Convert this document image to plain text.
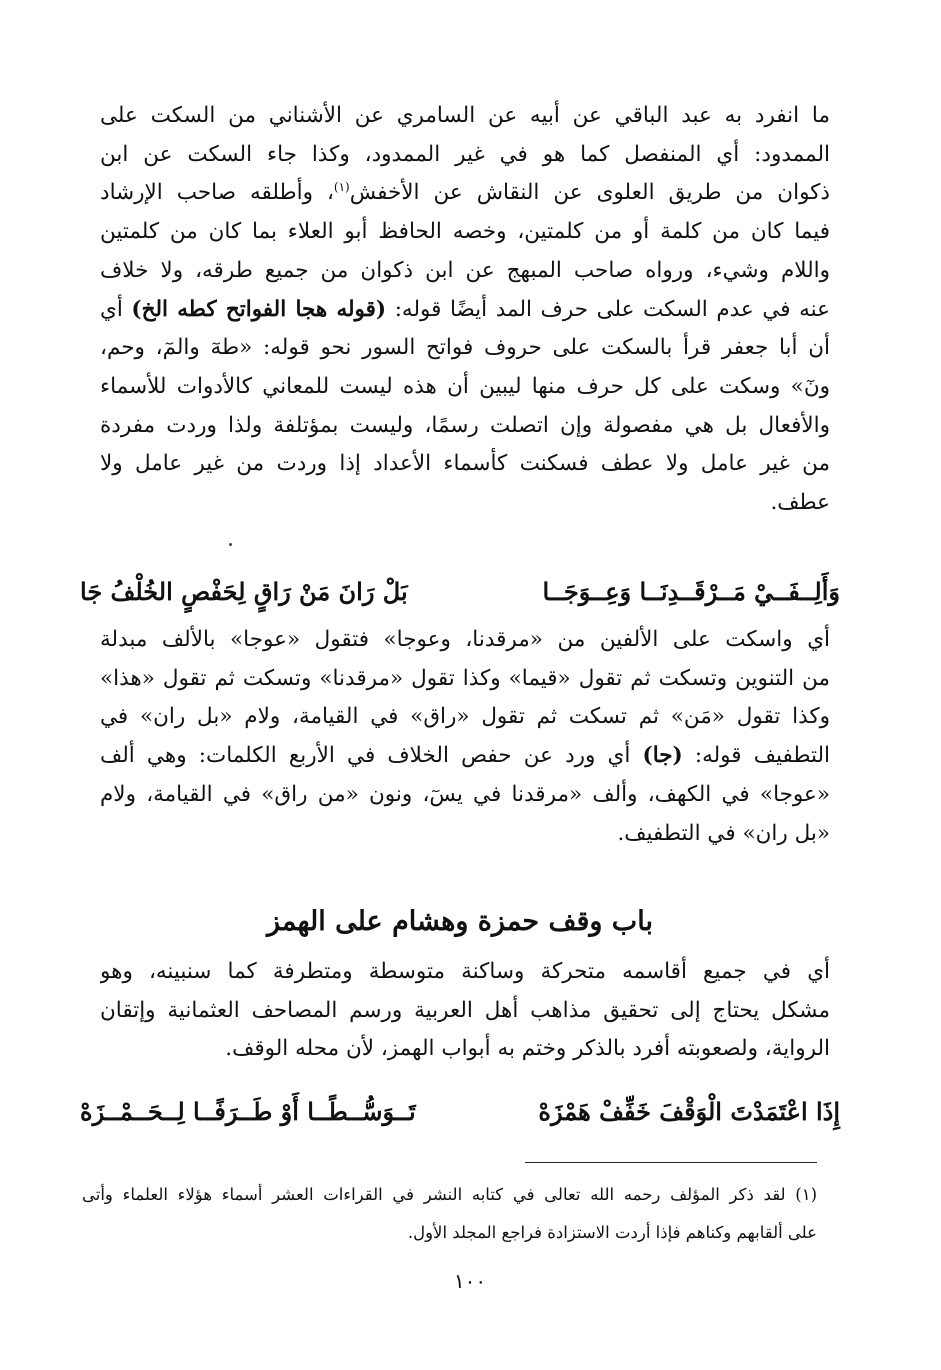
ما انفرد به عبد الباقي عن أبيه عن السامري عن الأشناني من السكت على
الممدود: أي المنفصل كما هو في غير الممدود، وكذا جاء السكت عن ابن
ذكوان من طريق العلوى عن النقاش عن الأخفش$^{(١)}$، وأطلقه صاحب الإرشاد
فيما كان من كلمة أو من كلمتين، وخصه الحافظ أبو العلاء بما كان من كلمتين
واللام وشيء، ورواه صاحب المبهج عن ابن ذكوان من جميع طرقه، ولا خلاف
عنه في عدم السكت على حرف المد أيضًا قوله: (قوله هجا الفواتح كطه الخ) أي
أن أبا جعفر قرأ بالسكت على حروف فواتح السور نحو قوله: «طهٓ والمٓ، وحم،
ونٓ» وسكت على كل حرف منها ليبين أن هذه ليست للمعاني كالأدوات للأسماء
والأفعال بل هي مفصولة وإن اتصلت رسمًا، وليست بمؤتلفة ولذا وردت مفردة
من غير عامل ولا عطف فسكنت كأسماء الأعداد إذا وردت من غير عامل ولا
عطف.
وَأَلِــفَــيْ مَــرْقَــدِنَــا وَعِــوَجَــا
بَلْ رَانَ مَنْ رَاقٍ لِحَفْصٍ الخُلْفُ جَا
أي واسكت على الألفين من «مرقدنا، وعوجا» فتقول «عوجا» بالألف مبدلة
من التنوين وتسكت ثم تقول «قيما» وكذا تقول «مرقدنا» وتسكت ثم تقول «هذا»
وكذا تقول «مَن» ثم تسكت ثم تقول «راق» في القيامة، ولام «بل ران» في
التطفيف قوله: (جا) أي ورد عن حفص الخلاف في الأربع الكلمات: وهي ألف
«عوجا» في الكهف، وألف «مرقدنا في يسٓ، ونون «من راق» في القيامة، ولام
«بل ران» في التطفيف.
باب وقف حمزة وهشام على الهمز
أي في جميع أقاسمه متحركة وساكنة متوسطة ومتطرفة كما سنبينه، وهو
مشكل يحتاج إلى تحقيق مذاهب أهل العربية ورسم المصاحف العثمانية وإتقان
الرواية، ولصعوبته أفرد بالذكر وختم به أبواب الهمز، لأن محله الوقف.
إِذَا اعْتَمَدْتَ الْوَقْفَ خَفِّفْ هَمْزَهْ
تَــوَسُّــطًــا أَوْ طَــرَفًــا لِــحَــمْــزَهْ
(١) لقد ذكر المؤلف رحمه الله تعالى في كتابه النشر في القراءات العشر أسماء هؤلاء العلماء وأتى
على ألقابهم وكناهم فإذا أردت الاستزادة فراجع المجلد الأول.
١٠٠
